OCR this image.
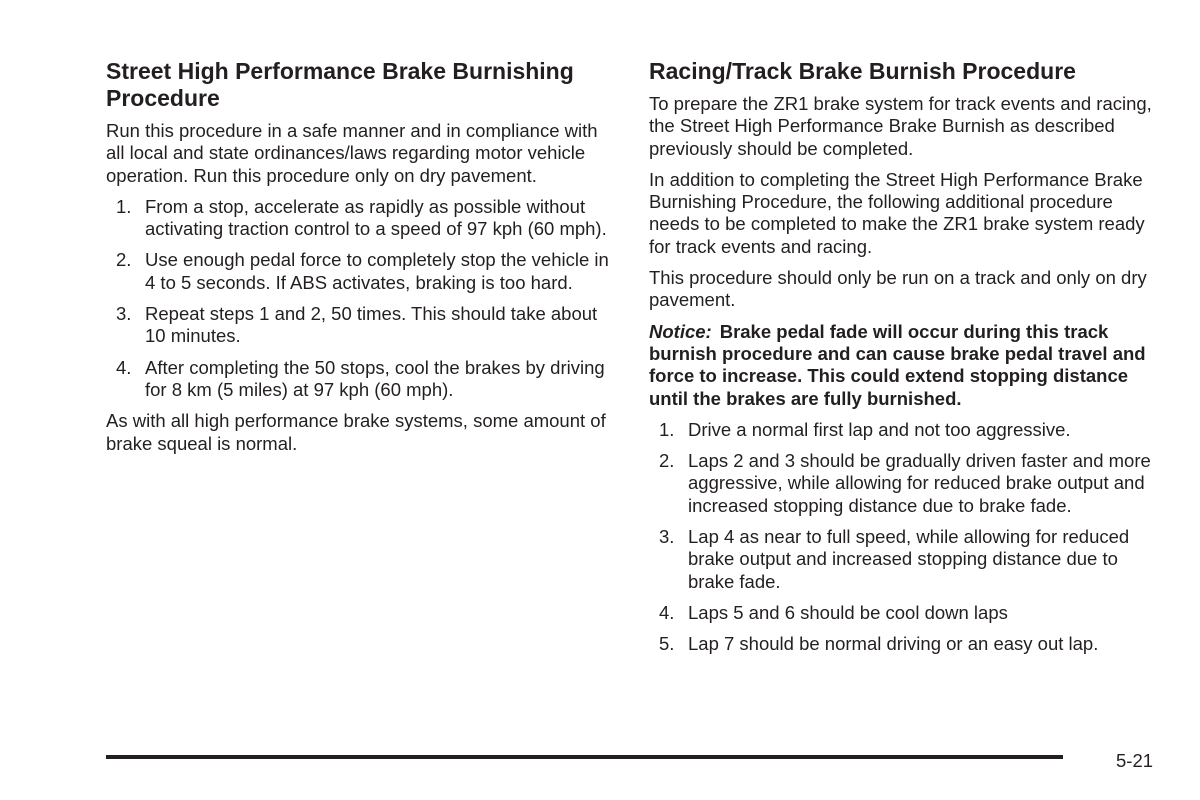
Street High Performance Brake Burnishing Procedure

Run this procedure in a safe manner and in compliance with all local and state ordinances/laws regarding motor vehicle operation. Run this procedure only on dry pavement.

1. From a stop, accelerate as rapidly as possible without activating traction control to a speed of 97 kph (60 mph).
2. Use enough pedal force to completely stop the vehicle in 4 to 5 seconds. If ABS activates, braking is too hard.
3. Repeat steps 1 and 2, 50 times. This should take about 10 minutes.
4. After completing the 50 stops, cool the brakes by driving for 8 km (5 miles) at 97 kph (60 mph).

As with all high performance brake systems, some amount of brake squeal is normal.

Racing/Track Brake Burnish Procedure

To prepare the ZR1 brake system for track events and racing, the Street High Performance Brake Burnish as described previously should be completed.

In addition to completing the Street High Performance Brake Burnishing Procedure, the following additional procedure needs to be completed to make the ZR1 brake system ready for track events and racing.

This procedure should only be run on a track and only on dry pavement.

Notice: Brake pedal fade will occur during this track burnish procedure and can cause brake pedal travel and force to increase. This could extend stopping distance until the brakes are fully burnished.

1. Drive a normal first lap and not too aggressive.
2. Laps 2 and 3 should be gradually driven faster and more aggressive, while allowing for reduced brake output and increased stopping distance due to brake fade.
3. Lap 4 as near to full speed, while allowing for reduced brake output and increased stopping distance due to brake fade.
4. Laps 5 and 6 should be cool down laps
5. Lap 7 should be normal driving or an easy out lap.
5-21
